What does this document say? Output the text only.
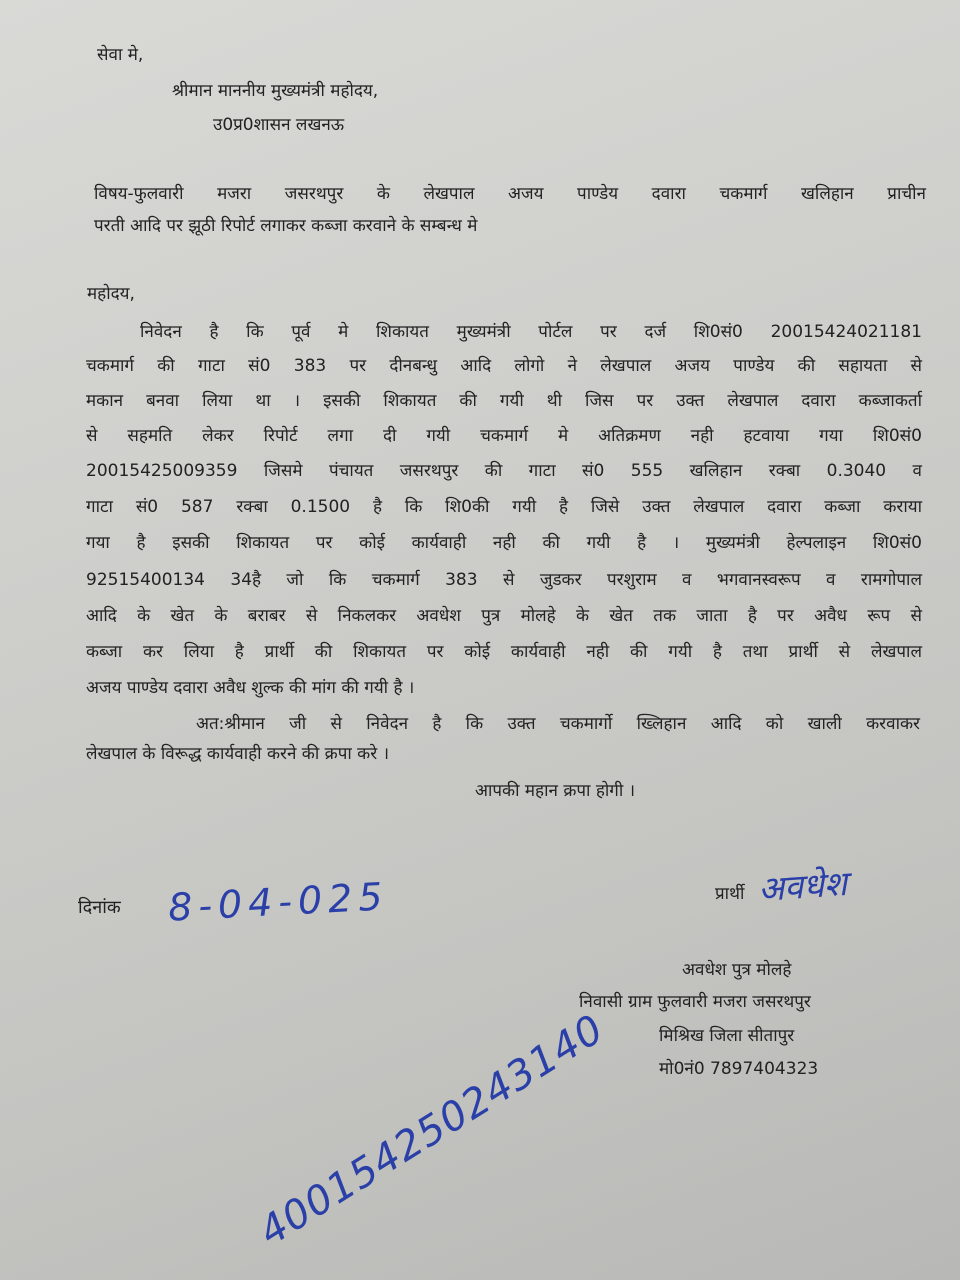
सेवा मे,
श्रीमान माननीय मुख्यमंत्री महोदय,
उ0प्र0शासन लखनऊ
विषय-फुलवारी मजरा जसरथपुर के लेखपाल अजय पाण्डेय दवारा चकमार्ग खलिहान प्राचीन
परती आदि पर झूठी रिपोर्ट लगाकर कब्जा करवाने के सम्बन्ध मे
महोदय,
निवेदन है कि पूर्व मे शिकायत मुख्यमंत्री पोर्टल पर दर्ज शि0सं0 20015424021181
चकमार्ग की गाटा सं0 383 पर दीनबन्धु आदि लोगो ने लेखपाल अजय पाण्डेय की सहायता से
मकान बनवा लिया था । इसकी शिकायत की गयी थी जिस पर उक्त लेखपाल दवारा कब्जाकर्ता
से सहमति लेकर रिपोर्ट लगा दी गयी चकमार्ग मे अतिक्रमण नही हटवाया गया शि0सं0
20015425009359 जिसमे पंचायत जसरथपुर की गाटा सं0 555 खलिहान रक्बा 0.3040 व
गाटा सं0 587 रक्बा 0.1500 है कि शि0की गयी है जिसे उक्त लेखपाल दवारा कब्जा कराया
गया है इसकी शिकायत पर कोई कार्यवाही नही की गयी है । मुख्यमंत्री हेल्पलाइन शि0सं0
92515400134 34है जो कि चकमार्ग 383 से जुडकर परशुराम व भगवानस्वरूप व रामगोपाल
आदि के खेत के बराबर से निकलकर अवधेश पुत्र मोलहे के खेत तक जाता है पर अवैध रूप से
कब्जा कर लिया है प्रार्थी की शिकायत पर कोई कार्यवाही नही की गयी है तथा प्रार्थी से लेखपाल
अजय पाण्डेय दवारा अवैध शुल्क की मांग की गयी है ।
अत:श्रीमान जी से निवेदन है कि उक्त चकमार्गो ख्लिहान आदि को खाली करवाकर
लेखपाल के विरूद्ध कार्यवाही करने की क्रपा करे ।
आपकी महान क्रपा होगी ।
दिनांक 8-04-025	प्रार्थी अवधेश
अवधेश पुत्र मोलहे
निवासी ग्राम फुलवारी मजरा जसरथपुर
मिश्रिख जिला सीतापुर
मो0नं0 7897404323
400154250243140
